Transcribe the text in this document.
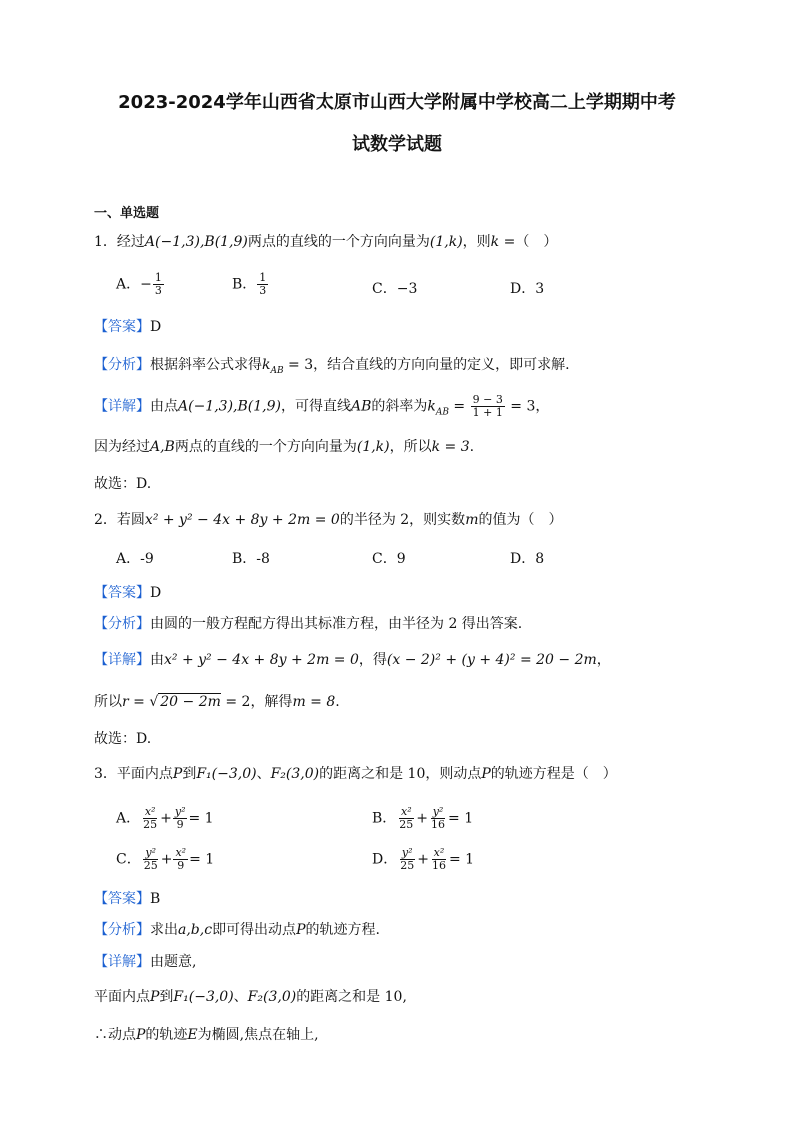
2023-2024学年山西省太原市山西大学附属中学校高二上学期期中考
试数学试题
一、单选题
1．经过A(−1,3),B(1,9)两点的直线的一个方向向量为(1,k)，则k =（　）
A．− $\frac{1}{3}$	B． $\frac{1}{3}$	C．−3	D．3
【答案】D
【分析】根据斜率公式求得$k_{AB} = 3$，结合直线的方向向量的定义，即可求解.
【详解】由点A(−1,3),B(1,9)，可得直线AB的斜率为$k_{AB} = \frac{9 - 3}{1 + 1} = 3$，
因为经过A,B两点的直线的一个方向向量为(1,k)，所以k = 3.
故选：D.
2．若圆x² + y² − 4x + 8y + 2m = 0的半径为 2，则实数m的值为（　）
A．-9	B．-8	C．9	D．8
【答案】D
【分析】由圆的一般方程配方得出其标准方程，由半径为 2 得出答案.
【详解】由x² + y² − 4x + 8y + 2m = 0，得(x − 2)² + (y + 4)² = 20 − 2m，
所以r = √ 20 − 2m = 2，解得m = 8.
故选：D.
3．平面内点P到F₁(−3,0)、F₂(3,0)的距离之和是 10，则动点P的轨迹方程是（　）
A． $\frac{\text{x²}}{25} + \frac{\text{y²}}{9} = 1$	B． $\frac{\text{x²}}{25} + \frac{\text{y²}}{16} = 1$
C． $\frac{\text{y²}}{25} + \frac{\text{x²}}{9} = 1$	D． $\frac{\text{y²}}{25} + \frac{\text{x²}}{16} = 1$
【答案】B
【分析】求出a,b,c即可得出动点P的轨迹方程.
【详解】由题意,
平面内点P到F₁(−3,0)、F₂(3,0)的距离之和是 10,
∴动点P的轨迹E为椭圆,焦点在轴上,
